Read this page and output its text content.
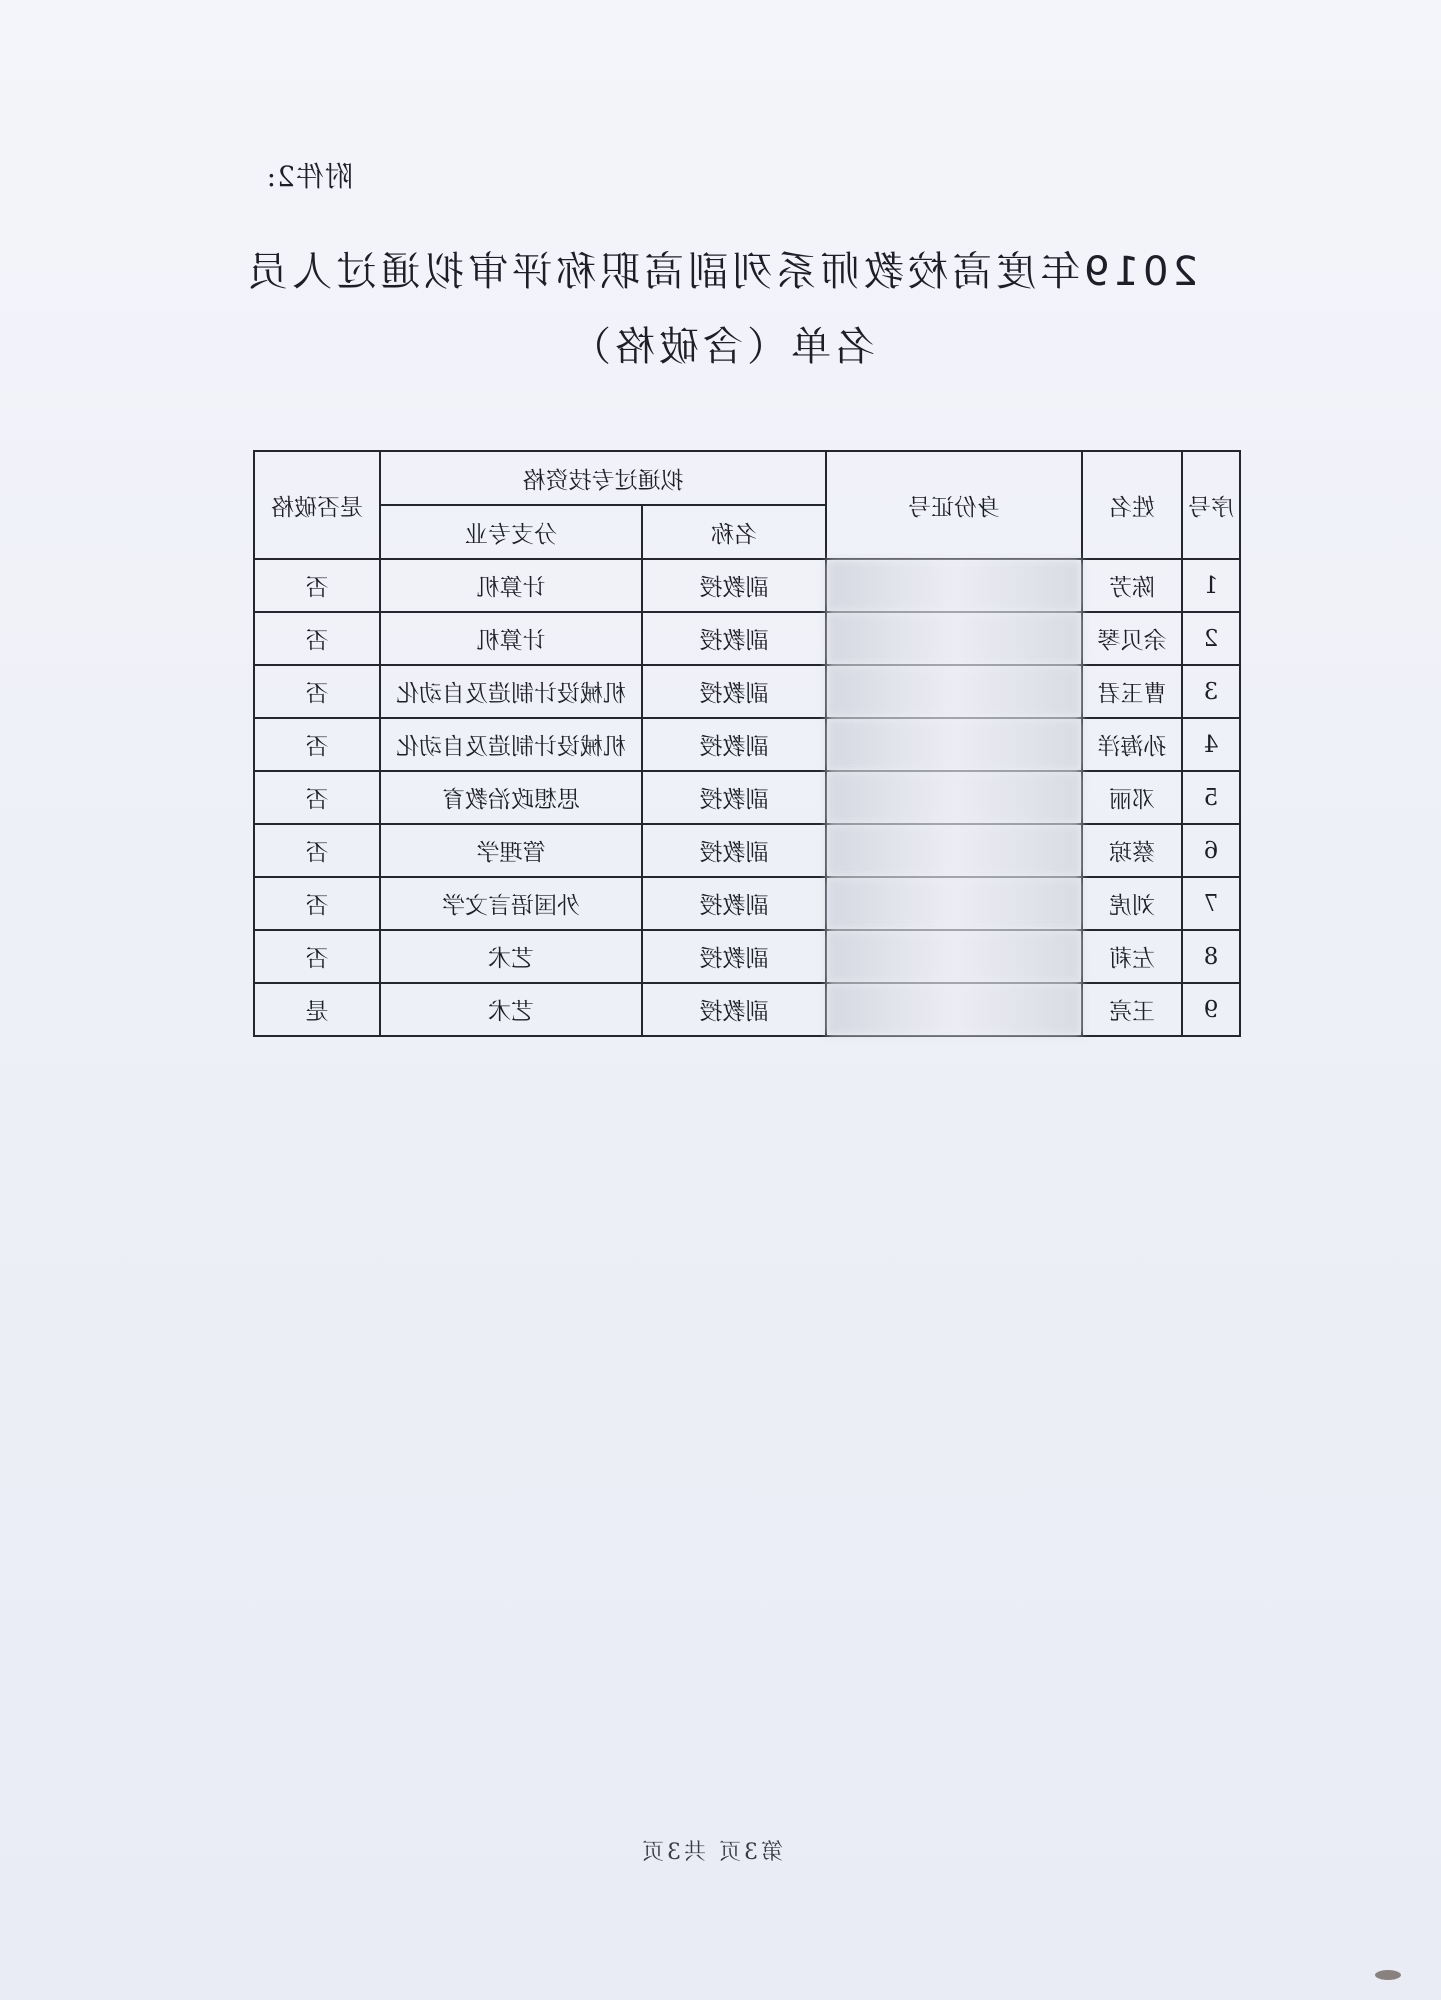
附件2:
2019年度高校教师系列副高职称评审拟通过人员
名单（含破格）
序号	姓名	身份证号	拟通过专技资格		是否破格
			名称	分支专业	
1	陈芳		副教授	计算机	否
2	余贝琴		副教授	计算机	否
3	曹玉君		副教授	机械设计制造及自动化	否
4	孙海洋		副教授	机械设计制造及自动化	否
5	邓丽		副教授	思想政治教育	否
6	蔡琼		副教授	管理学	否
7	刘虎		副教授	外国语言文学	否
8	左莉		副教授	艺术	否
9	王亮		副教授	艺术	是
第3页 共3页
